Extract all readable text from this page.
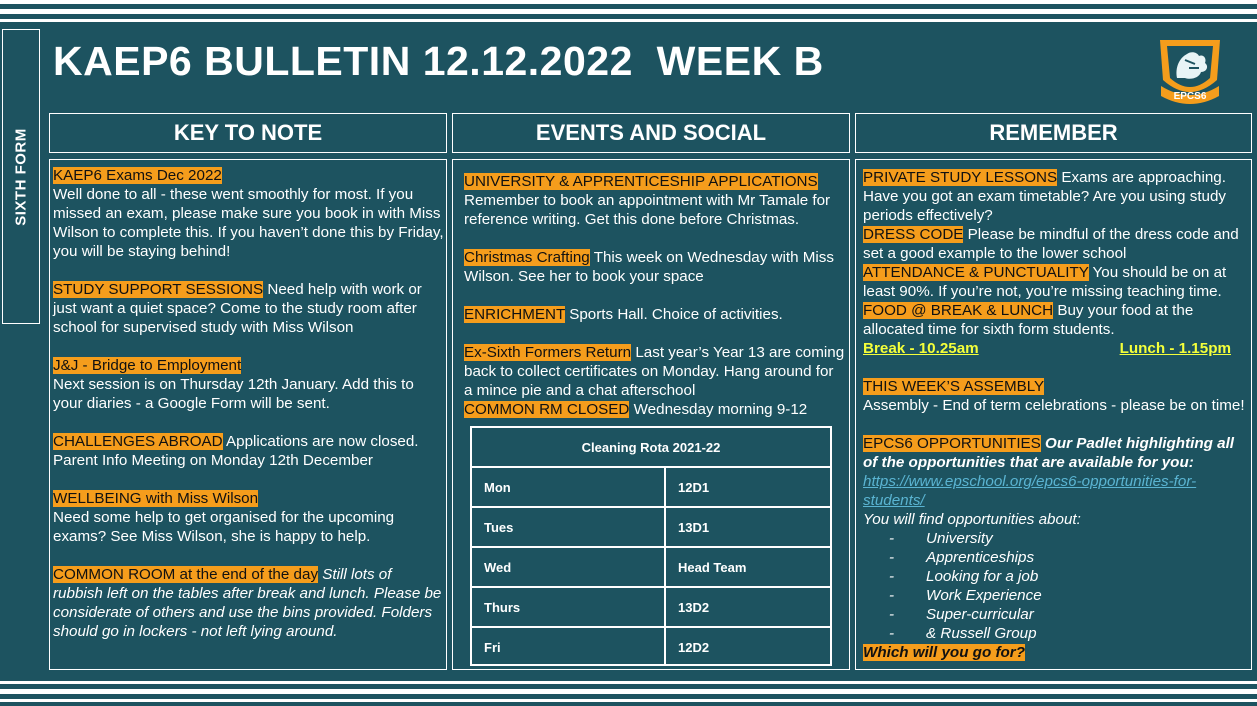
SIXTH FORM
KAEP6 BULLETIN 12.12.2022  WEEK B
EPCS6
KEY TO NOTE	EVENTS AND SOCIAL	REMEMBER
KAEP6 Exams Dec 2022
Well done to all - these went smoothly for most. If you missed an exam, please make sure you book in with Miss Wilson to complete this. If you haven’t done this by Friday, you will be staying behind!
STUDY SUPPORT SESSIONS Need help with work or just want a quiet space? Come to the study room after school for supervised study with Miss Wilson
J&J - Bridge to Employment
Next session is on Thursday 12th January. Add this to your diaries - a Google Form will be sent.
CHALLENGES ABROAD Applications are now closed. Parent Info Meeting on Monday 12th December
WELLBEING with Miss Wilson
Need some help to get organised for the upcoming exams? See Miss Wilson, she is happy to help.
COMMON ROOM at the end of the day Still lots of rubbish left on the tables after break and lunch. Please be considerate of others and use the bins provided. Folders should go in lockers - not left lying around.
UNIVERSITY & APPRENTICESHIP APPLICATIONS
Remember to book an appointment with Mr Tamale for reference writing. Get this done before Christmas.
Christmas Crafting This week on Wednesday with Miss Wilson. See her to book your space
ENRICHMENT Sports Hall. Choice of activities.
Ex-Sixth Formers Return Last year’s Year 13 are coming back to collect certificates on Monday. Hang around for a mince pie and a chat afterschool
COMMON RM CLOSED Wednesday morning 9-12
Cleaning Rota 2021-22
Mon	12D1
Tues	13D1
Wed	Head Team
Thurs	13D2
Fri	12D2
PRIVATE STUDY LESSONS Exams are approaching. Have you got an exam timetable? Are you using study periods effectively?
DRESS CODE Please be mindful of the dress code and set a good example to the lower school
ATTENDANCE & PUNCTUALITY You should be on at least 90%. If you’re not, you’re missing teaching time.
FOOD @ BREAK & LUNCH Buy your food at the allocated time for sixth form students.
Break - 10.25am	Lunch - 1.15pm
THIS WEEK’S ASSEMBLY
Assembly - End of term celebrations - please be on time!
EPCS6 OPPORTUNITIES Our Padlet highlighting all of the opportunities that are available for you:
https://www.epschool.org/epcs6-opportunities-for-students/
You will find opportunities about:
-	University
-	Apprenticeships
-	Looking for a job
-	Work Experience
-	Super-curricular
-	& Russell Group
Which will you go for?
